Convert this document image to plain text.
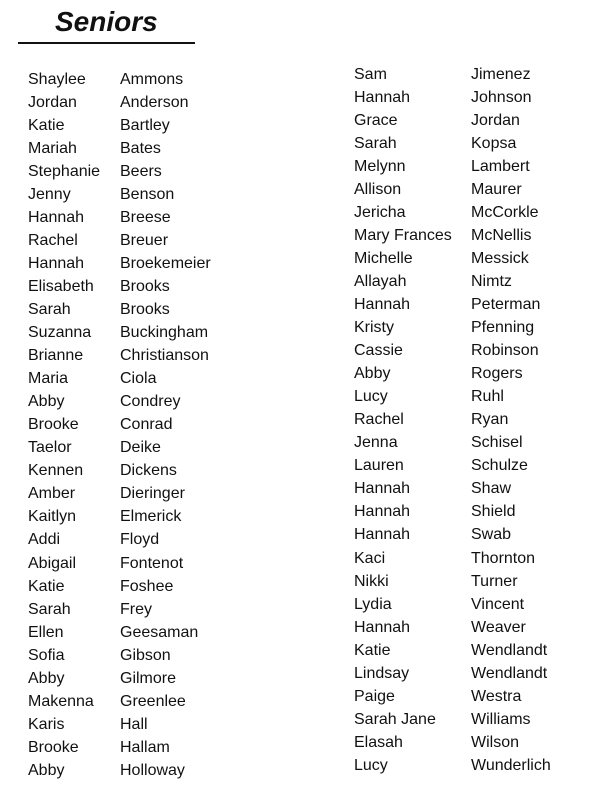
Seniors
Shaylee	Ammons
Jordan	Anderson
Katie	Bartley
Mariah	Bates
Stephanie	Beers
Jenny	Benson
Hannah	Breese
Rachel	Breuer
Hannah	Broekemeier
Elisabeth	Brooks
Sarah	Brooks
Suzanna	Buckingham
Brianne	Christianson
Maria	Ciola
Abby	Condrey
Brooke	Conrad
Taelor	Deike
Kennen	Dickens
Amber	Dieringer
Kaitlyn	Elmerick
Addi	Floyd
Abigail	Fontenot
Katie	Foshee
Sarah	Frey
Ellen	Geesaman
Sofia	Gibson
Abby	Gilmore
Makenna	Greenlee
Karis	Hall
Brooke	Hallam
Abby	Holloway
Sam	Jimenez
Hannah	Johnson
Grace	Jordan
Sarah	Kopsa
Melynn	Lambert
Allison	Maurer
Jericha	McCorkle
Mary Frances	McNellis
Michelle	Messick
Allayah	Nimtz
Hannah	Peterman
Kristy	Pfenning
Cassie	Robinson
Abby	Rogers
Lucy	Ruhl
Rachel	Ryan
Jenna	Schisel
Lauren	Schulze
Hannah	Shaw
Hannah	Shield
Hannah	Swab
Kaci	Thornton
Nikki	Turner
Lydia	Vincent
Hannah	Weaver
Katie	Wendlandt
Lindsay	Wendlandt
Paige	Westra
Sarah Jane	Williams
Elasah	Wilson
Lucy	Wunderlich
